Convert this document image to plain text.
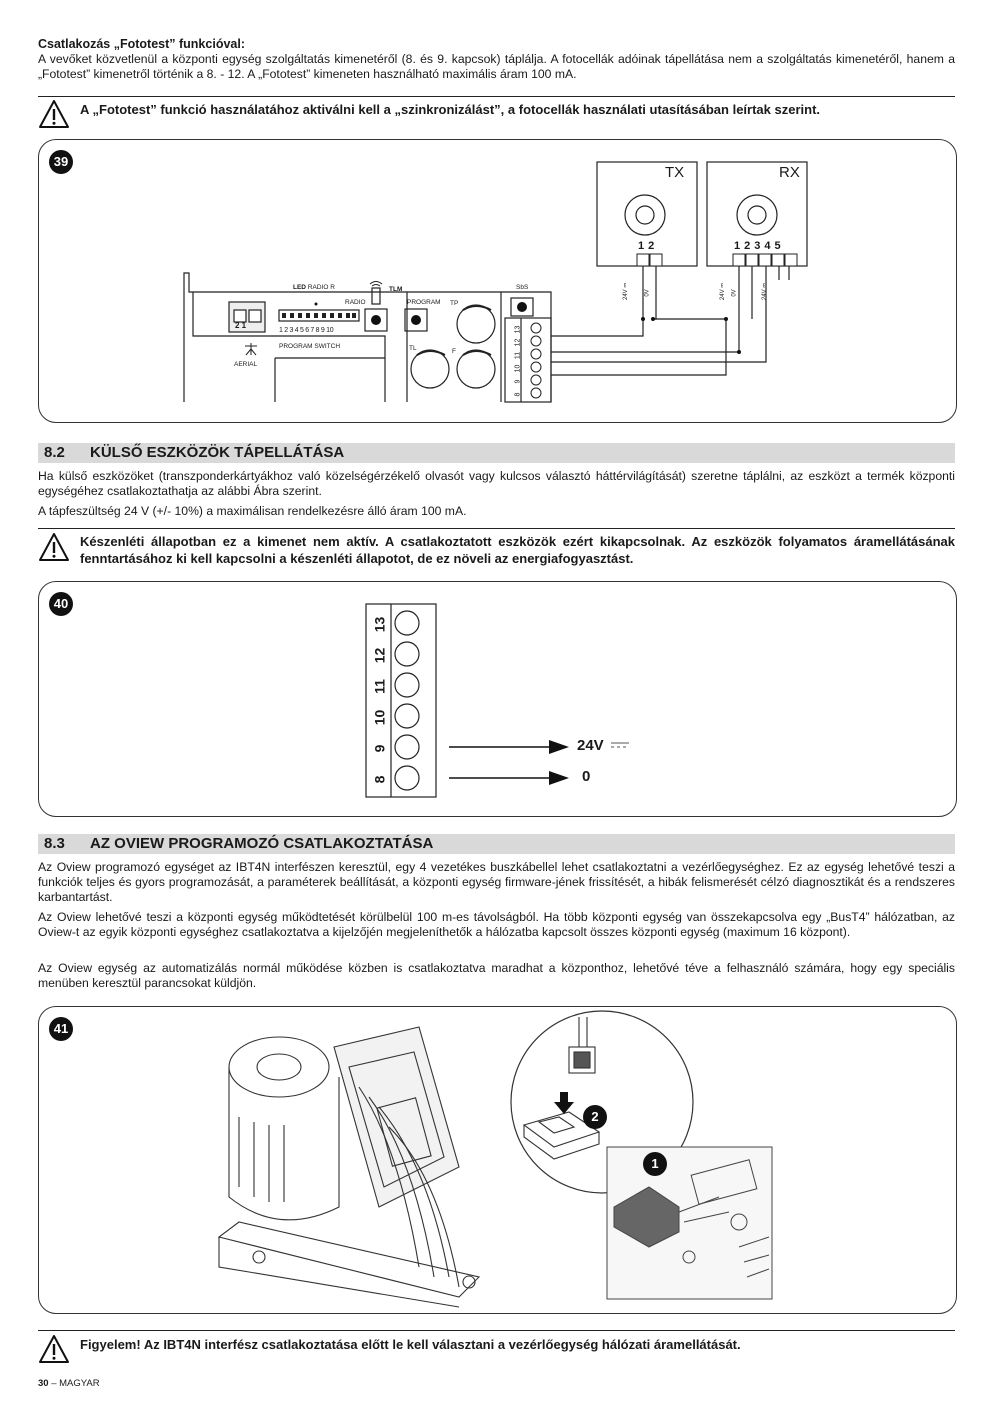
Csatlakozás „Fototest” funkcióval:

A vevőket közvetlenül a központi egység szolgáltatás kimenetéről (8. és 9. kapcsok) táplálja. A fotocellák adóinak tápellátása nem a szolgáltatás kimenetéről, hanem a „Fototest” kimenetről történik a 8. - 12. A „Fototest” kimeneten használható maximális áram 100 mA.

A „Fototest” funkció használatához aktiválni kell a „szinkronizálást”, a fotocellák használati utasításában leírtak szerint.
39
TX	RX
12	12345
24V ⎓	0V	24V ⎓ 0V	24V ⎓
LED RADIO R
RADIO
TLM
PROGRAM
SbS
TP
TL	F
1 2 3 4 5 6 7 8 9 10
PROGRAM SWITCH
AERIAL
2 1	13
12
11
10
9
8
8.2 KÜLSŐ ESZKÖZÖK TÁPELLÁTÁSA

Ha külső eszközöket (transzponderkártyákhoz való közelségérzékelő olvasót vagy kulcsos választó háttérvilágítását) szeretne táplálni, az eszközt a termék központi egységéhez csatlakoztathatja az alábbi Ábra szerint.

A tápfeszültség 24 V (+/- 10%) a maximálisan rendelkezésre álló áram 100 mA.

Készenléti állapotban ez a kimenet nem aktív. A csatlakoztatott eszközök ezért kikapcsolnak. Az eszközök folyamatos áramellátásának fenntartásához ki kell kapcsolni a készenléti állapotot, de ez növeli az energiafogyasztást.
40
13
12
11
10
9
8
24V
0
8.3 AZ OVIEW PROGRAMOZÓ CSATLAKOZTATÁSA

Az Oview programozó egységet az IBT4N interfészen keresztül, egy 4 vezetékes buszkábellel lehet csatlakoztatni a vezérlőegységhez. Ez az egység lehetővé teszi a funkciók teljes és gyors programozását, a paraméterek beállítását, a központi egység firmware-jének frissítését, a hibák felismerését célzó diagnosztikát és a rendszeres karbantartást.

Az Oview lehetővé teszi a központi egység működtetését körülbelül 100 m-es távolságból. Ha több központi egység van összekapcsolva egy „BusT4” hálózatban, az Oview-t az egyik központi egységhez csatlakoztatva a kijelzőjén megjeleníthetők a hálózatba kapcsolt összes központi egység (maximum 16 központ).

Az Oview egység az automatizálás normál működése közben is csatlakoztatva maradhat a központhoz, lehetővé téve a felhasználó számára, hogy egy speciális menüben keresztül parancsokat küldjön.

41
2
1
Figyelem! Az IBT4N interfész csatlakoztatása előtt le kell választani a vezérlőegység hálózati áramellátását.
30 – MAGYAR
